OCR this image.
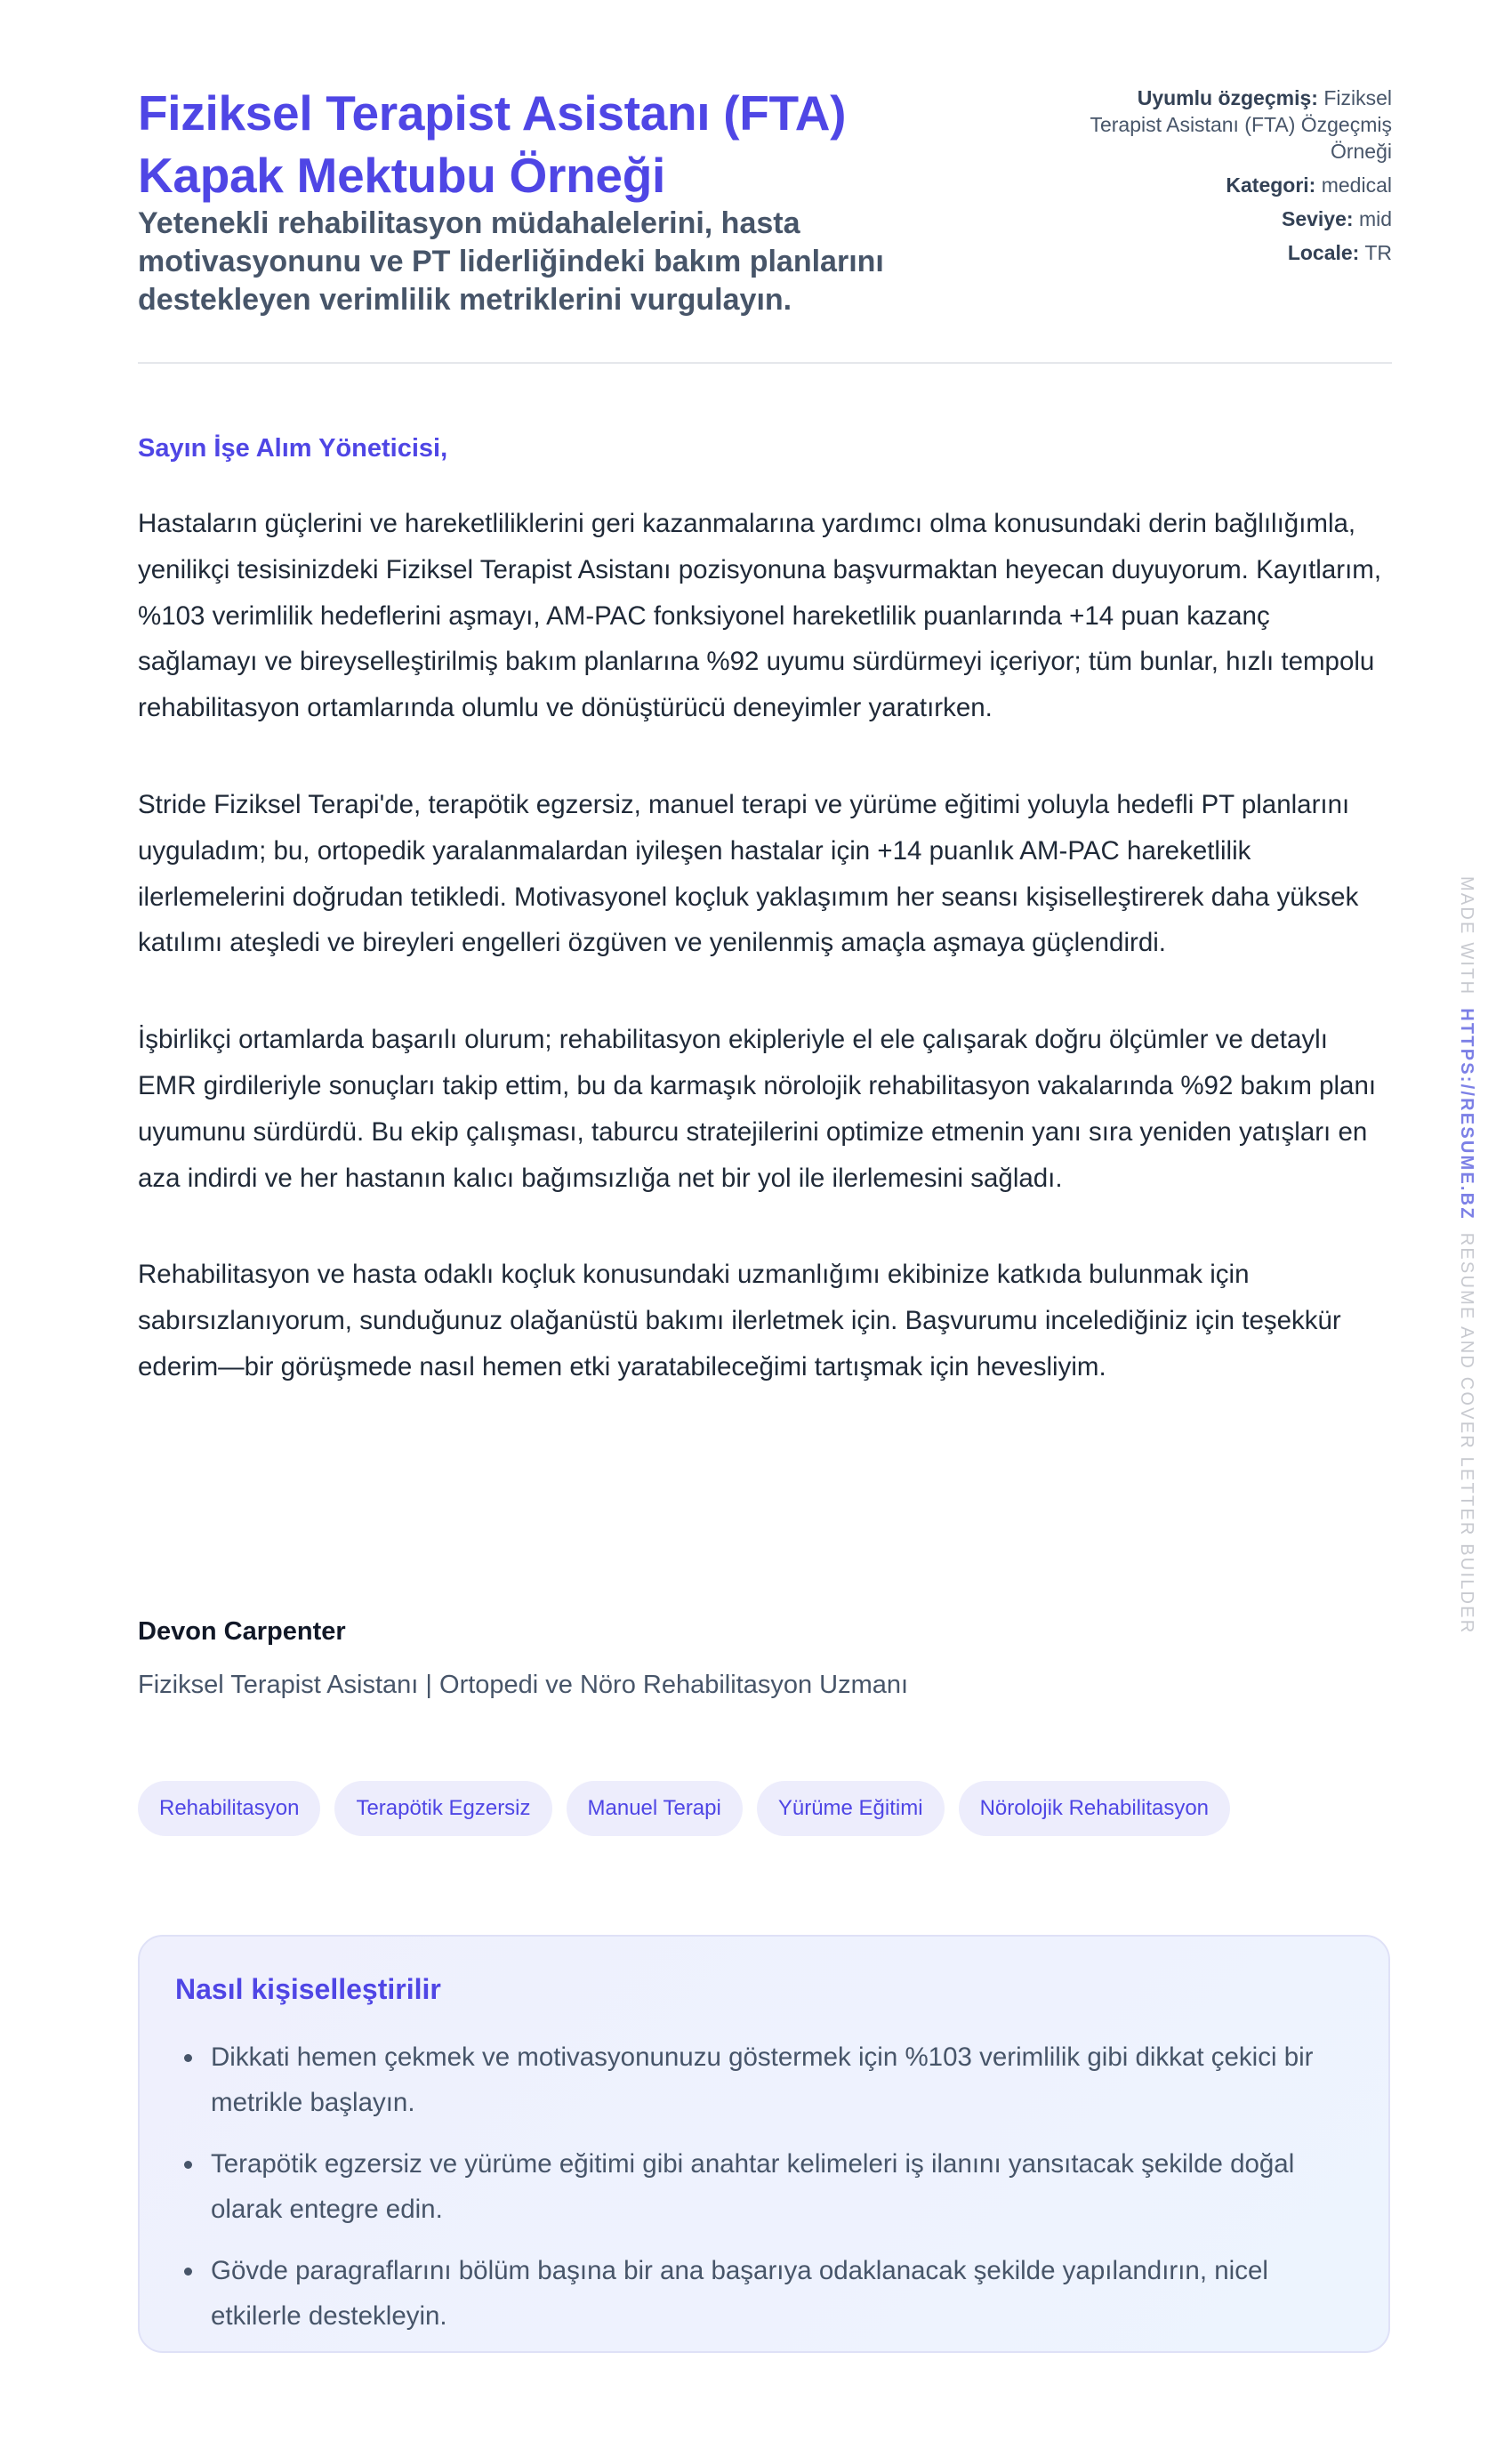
Fiziksel Terapist Asistanı (FTA) Kapak Mektubu Örneği

Yetenekli rehabilitasyon müdahalelerini, hasta motivasyonunu ve PT liderliğindeki bakım planlarını destekleyen verimlilik metriklerini vurgulayın.

Uyumlu özgeçmiş: Fiziksel Terapist Asistanı (FTA) Özgeçmiş Örneği
Kategori: medical
Seviye: mid
Locale: TR

Sayın İşe Alım Yöneticisi,

Hastaların güçlerini ve hareketliliklerini geri kazanmalarına yardımcı olma konusundaki derin bağlılığımla, yenilikçi tesisinizdeki Fiziksel Terapist Asistanı pozisyonuna başvurmaktan heyecan duyuyorum. Kayıtlarım, %103 verimlilik hedeflerini aşmayı, AM-PAC fonksiyonel hareketlilik puanlarında +14 puan kazanç sağlamayı ve bireyselleştirilmiş bakım planlarına %92 uyumu sürdürmeyi içeriyor; tüm bunlar, hızlı tempolu rehabilitasyon ortamlarında olumlu ve dönüştürücü deneyimler yaratırken.

Stride Fiziksel Terapi'de, terapötik egzersiz, manuel terapi ve yürüme eğitimi yoluyla hedefli PT planlarını uyguladım; bu, ortopedik yaralanmalardan iyileşen hastalar için +14 puanlık AM-PAC hareketlilik ilerlemelerini doğrudan tetikledi. Motivasyonel koçluk yaklaşımım her seansı kişiselleştirerek daha yüksek katılımı ateşledi ve bireyleri engelleri özgüven ve yenilenmiş amaçla aşmaya güçlendirdi.

İşbirlikçi ortamlarda başarılı olurum; rehabilitasyon ekipleriyle el ele çalışarak doğru ölçümler ve detaylı EMR girdileriyle sonuçları takip ettim, bu da karmaşık nörolojik rehabilitasyon vakalarında %92 bakım planı uyumunu sürdürdü. Bu ekip çalışması, taburcu stratejilerini optimize etmenin yanı sıra yeniden yatışları en aza indirdi ve her hastanın kalıcı bağımsızlığa net bir yol ile ilerlemesini sağladı.

Rehabilitasyon ve hasta odaklı koçluk konusundaki uzmanlığımı ekibinize katkıda bulunmak için sabırsızlanıyorum, sunduğunuz olağanüstü bakımı ilerletmek için. Başvurumu incelediğiniz için teşekkür ederim—bir görüşmede nasıl hemen etki yaratabileceğimi tartışmak için hevesliyim.

Devon Carpenter

Fiziksel Terapist Asistanı | Ortopedi ve Nöro Rehabilitasyon Uzmanı
Rehabilitasyon	Terapötik Egzersiz	Manuel Terapi	Yürüme Eğitimi	Nörolojik Rehabilitasyon
Nasıl kişiselleştirilir
Dikkati hemen çekmek ve motivasyonunuzu göstermek için %103 verimlilik gibi dikkat çekici bir metrikle başlayın.
Terapötik egzersiz ve yürüme eğitimi gibi anahtar kelimeleri iş ilanını yansıtacak şekilde doğal olarak entegre edin.
Gövde paragraflarını bölüm başına bir ana başarıya odaklanacak şekilde yapılandırın, nicel etkilerle destekleyin.
MADE WITHHTTPS://RESUME.BZRESUME AND COVER LETTER BUILDER
